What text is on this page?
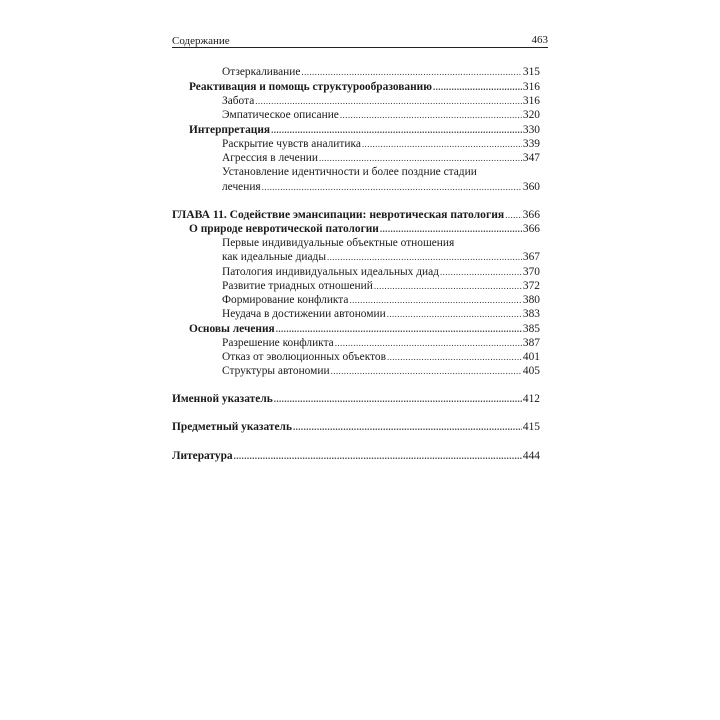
Содержание	463
Отзеркаливание .....	315
Реактивация и помощь структурообразованию .....	316
Забота .....	316
Эмпатическое описание .....	320
Интерпретация .....	330
Раскрытие чувств аналитика .....	339
Агрессия в лечении .....	347
Установление идентичности и более поздние стадии
лечения .....	360
ГЛАВА 11. Содействие эмансипации: невротическая патология ..... 366
О природе невротической патологии .....	366
Первые индивидуальные объектные отношения
как идеальные диады .....	367
Патология индивидуальных идеальных диад .....	370
Развитие триадных отношений .....	372
Формирование конфликта .....	380
Неудача в достижении автономии .....	383
Основы лечения .....	385
Разрешение конфликта .....	387
Отказ от эволюционных объектов .....	401
Структуры автономии .....	405
Именной указатель .....	412
Предметный указатель .....	415
Литература .....	444
